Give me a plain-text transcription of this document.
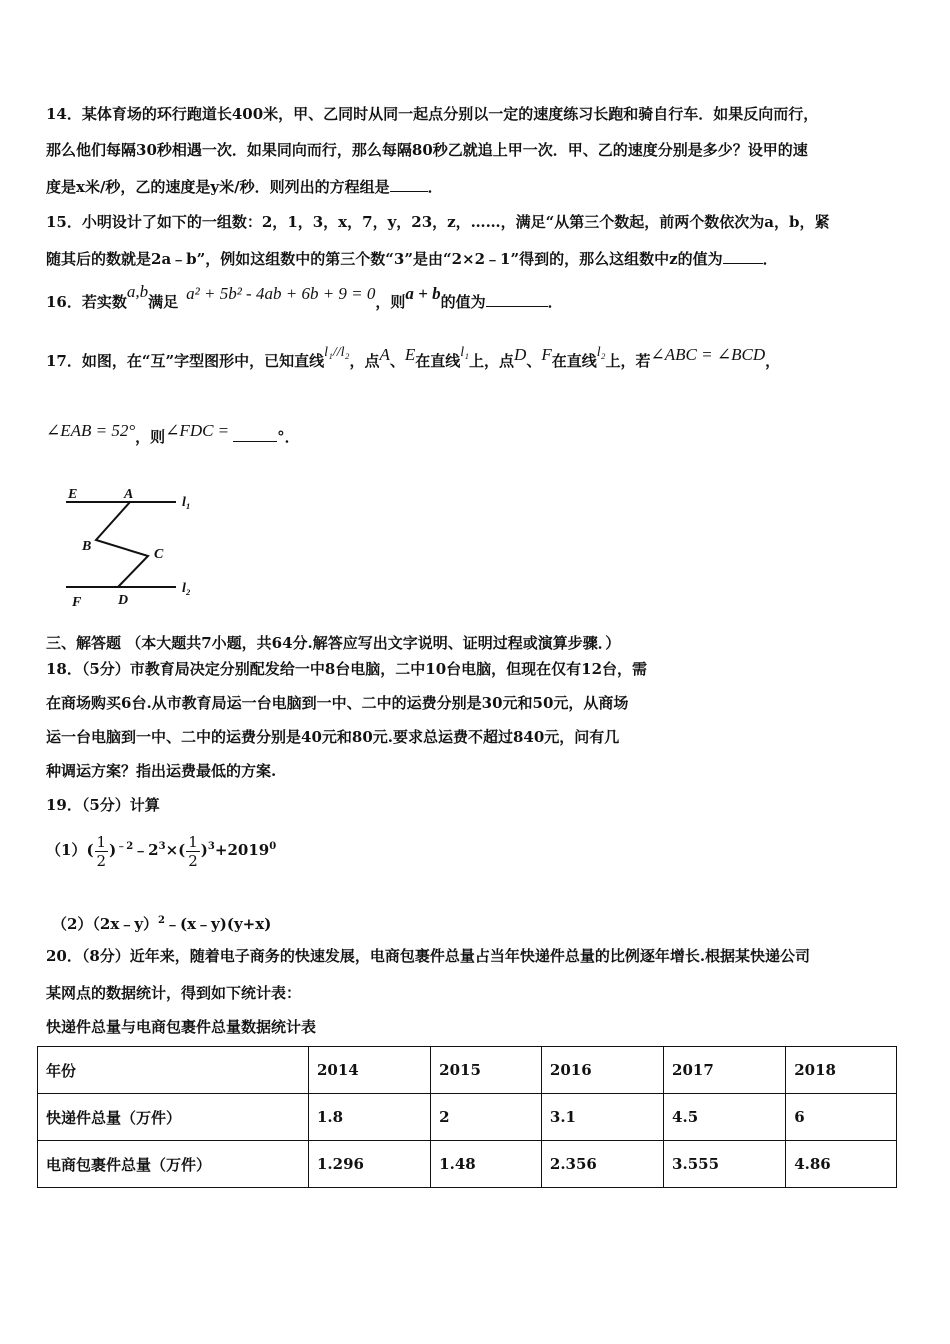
14．某体育场的环行跑道长400米，甲、乙同时从同一起点分别以一定的速度练习长跑和骑自行车．如果反向而行，
那么他们每隔30秒相遇一次．如果同向而行，那么每隔80秒乙就追上甲一次．甲、乙的速度分别是多少？设甲的速
度是x米/秒，乙的速度是y米/秒．则列出的方程组是	．
15．小明设计了如下的一组数：2，1，3，x，7，y，23，z，……，满足“从第三个数起，前两个数依次为a，b，紧
随其后的数就是2a﹣b”，例如这组数中的第三个数“3”是由“2×2﹣1”得到的，那么这组数中z的值为	．
16．若实数a,b满足 a² + 5b² - 4ab + 6b + 9 = 0，则a + b的值为	．
17．如图，在“互”字型图形中，已知直线l₁//l₂，点A、E在直线l₁上，点D、F在直线l₂上，若∠ABC = ∠BCD，
∠EAB = 52°，则∠FDC =	°．
E	A
l₁
B
C
F	D
l₂
三、解答题 （本大题共7小题，共64分.解答应写出文字说明、证明过程或演算步骤．）
18．（5分）市教育局决定分别配发给一中8台电脑，二中10台电脑，但现在仅有12台，需
在商场购买6台.从市教育局运一台电脑到一中、二中的运费分别是30元和50元，从商场
运一台电脑到一中、二中的运费分别是40元和80元.要求总运费不超过840元，问有几
种调运方案？指出运费最低的方案.
19．（5分）计算
$(1)( \frac{1}{2}$ )$^{﹣2}﹣2^3\times( \frac{1}{2} )^3+2019^0$
（2）（2x﹣y）$^2$﹣(x﹣y)(y+x)
20．（8分）近年来，随着电子商务的快速发展，电商包裹件总量占当年快递件总量的比例逐年增长.根据某快递公司
某网点的数据统计，得到如下统计表：
快递件总量与电商包裹件总量数据统计表
年份	2014	2015	2016	2017	2018
快递件总量（万件）	1.8	2	3.1	4.5	6
电商包裹件总量（万件）	1.296	1.48	2.356	3.555	4.86
